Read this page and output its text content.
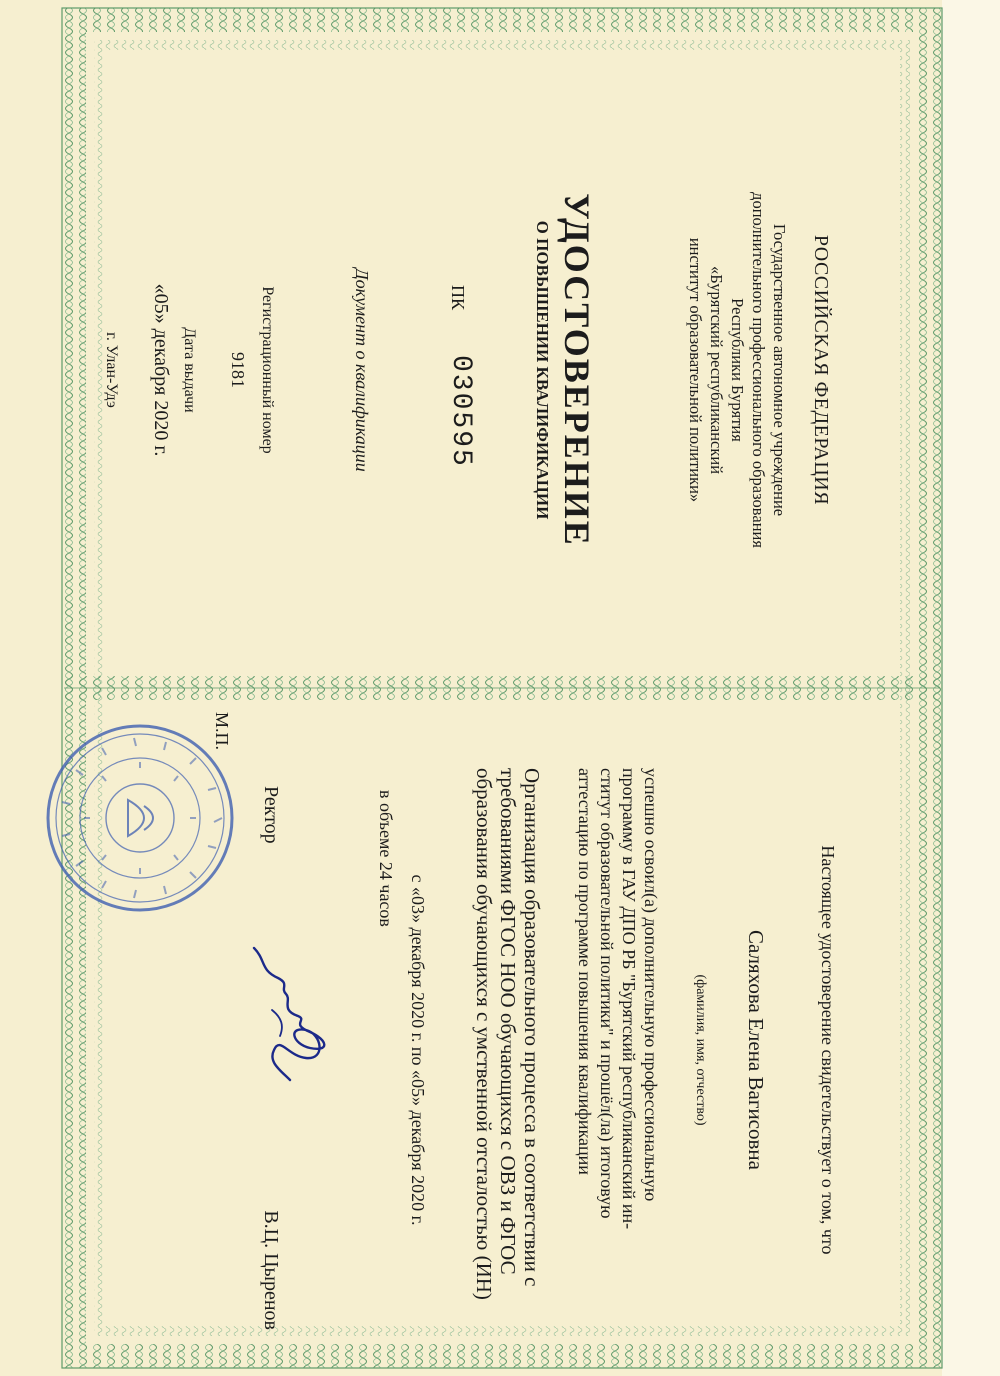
РОССИЙСКАЯ ФЕДЕРАЦИЯ
Государственное автономное учреждение
дополнительного профессионального образования
Республики Бурятия
«Бурятский республиканский
институт образовательной политики»
УДОСТОВЕРЕНИЕ
О ПОВЫШЕНИИ КВАЛИФИКАЦИИ
ПК
030595
Документ о квалификации
Регистрационный номер
9181
Дата выдачи
«05» декабря 2020 г.
г. Улан-Удэ
Настоящее удостоверение свидетельствует о том, что
Саляхова Елена Вагисовна
(фамилия, имя, отчество)
успешно освоил(а) дополнительную профессиональную
программу в ГАУ ДПО РБ "Бурятский республиканский ин-
ститут образовательной политики" и прошёл(ла) итоговую
аттестацию по программе повышения квалификации
Организация образовательного процесса в соответствии с
требованиями ФГОС НОО обучающихся с ОВЗ и ФГОС
образования обучающихся с умственной отсталостью (ИН)
с «03» декабря 2020 г. по «05» декабря 2020 г.
в объеме 24 часов
Ректор
В.Ц. Цыренов
М.П.
